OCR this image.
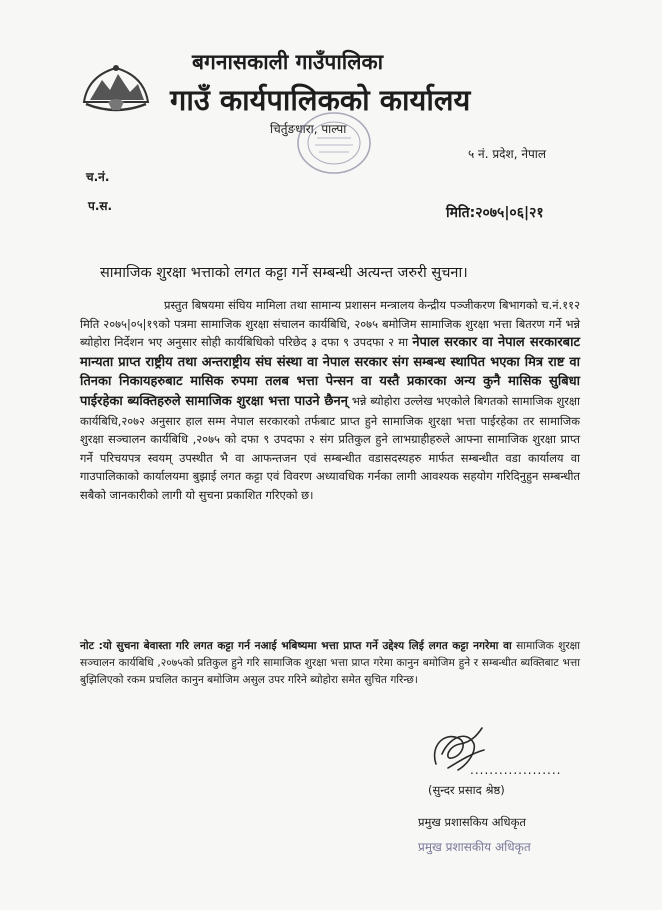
बगनासकाली गाउँपालिका
गाउँ कार्यपालिकको कार्यालय
चिर्तुङधारा, पाल्पा
५ नं. प्रदेश, नेपाल
च.नं.
प.स.	मिति:२०७५|०६|२१
सामाजिक शुरक्षा भत्ताको लगत कट्टा गर्ने सम्बन्धी अत्यन्त जरुरी सुचना।

प्रस्तुत बिषयमा संघिय मामिला तथा सामान्य प्रशासन मन्त्रालय केन्द्रीय पञ्जीकरण बिभागको च.नं.११२ मिति २०७५|०५|१९को पत्रमा सामाजिक शुरक्षा संचालन कार्यबिधि, २०७५ बमोजिम सामाजिक शुरक्षा भत्ता बितरण गर्ने भन्ने ब्योहोरा निर्देशन भए अनुसार सोही कार्यबिधिको परिछेद ३ दफा ९ उपदफा २ मा नेपाल सरकार वा नेपाल सरकारबाट मान्यता प्राप्त राष्ट्रीय तथा अन्तराष्ट्रीय संघ संस्था वा नेपाल सरकार संग सम्बन्ध स्थापित भएका मित्र राष्ट वा तिनका निकायहरुबाट मासिक रुपमा तलब भत्ता पेन्सन वा यस्तै प्रकारका अन्य कुनै मासिक सुबिधा पाईरहेका ब्यक्तिहरुले सामाजिक शुरक्षा भत्ता पाउने छैनन् भन्ने ब्योहोरा उल्लेख भएकोले बिगतको सामाजिक शुरक्षा कार्यबिधि,२०७२ अनुसार हाल सम्म नेपाल सरकारको तर्फबाट प्राप्त हुने सामाजिक शुरक्षा भत्ता पाईरहेका तर सामाजिक शुरक्षा सञ्चालन कार्यबिधि ,२०७५ को दफा ९ उपदफा २ संग प्रतिकुल हुने लाभग्राहीहरुले आफ्ना सामाजिक शुरक्षा प्राप्त गर्ने परिचयपत्र स्वयम् उपस्थीत भै वा आफन्तजन एवं सम्बन्धीत वडासदस्यहरु मार्फत सम्बन्धीत वडा कार्यालय वा गाउपालिकाको कार्यालयमा बुझाई लगत कट्टा एवं विवरण अध्यावधिक गर्नका लागी आवश्यक सहयोग गरिदिनुहुन सम्बन्धीत सबैको जानकारीको लागी यो सुचना प्रकाशित गरिएको छ।

नोट :यो सुचना बेवास्ता गरि लगत कट्टा गर्न नआई भबिष्यमा भत्ता प्राप्त गर्ने उद्देश्य लिई लगत कट्टा नगरेमा वा सामाजिक शुरक्षा सञ्चालन कार्यबिधि ,२०७५को प्रतिकुल हुने गरि सामाजिक शुरक्षा भत्ता प्राप्त गरेमा कानुन बमोजिम हुने र सम्बन्धीत ब्यक्तिबाट भत्ता बुझिलिएको रकम प्रचलित कानुन बमोजिम असुल उपर गरिने ब्योहोरा समेत सुचित गरिन्छ।
...................
(सुन्दर प्रसाद श्रेष्ठ)
प्रमुख प्रशासकिय अधिकृत
प्रमुख प्रशासकीय अधिकृत
